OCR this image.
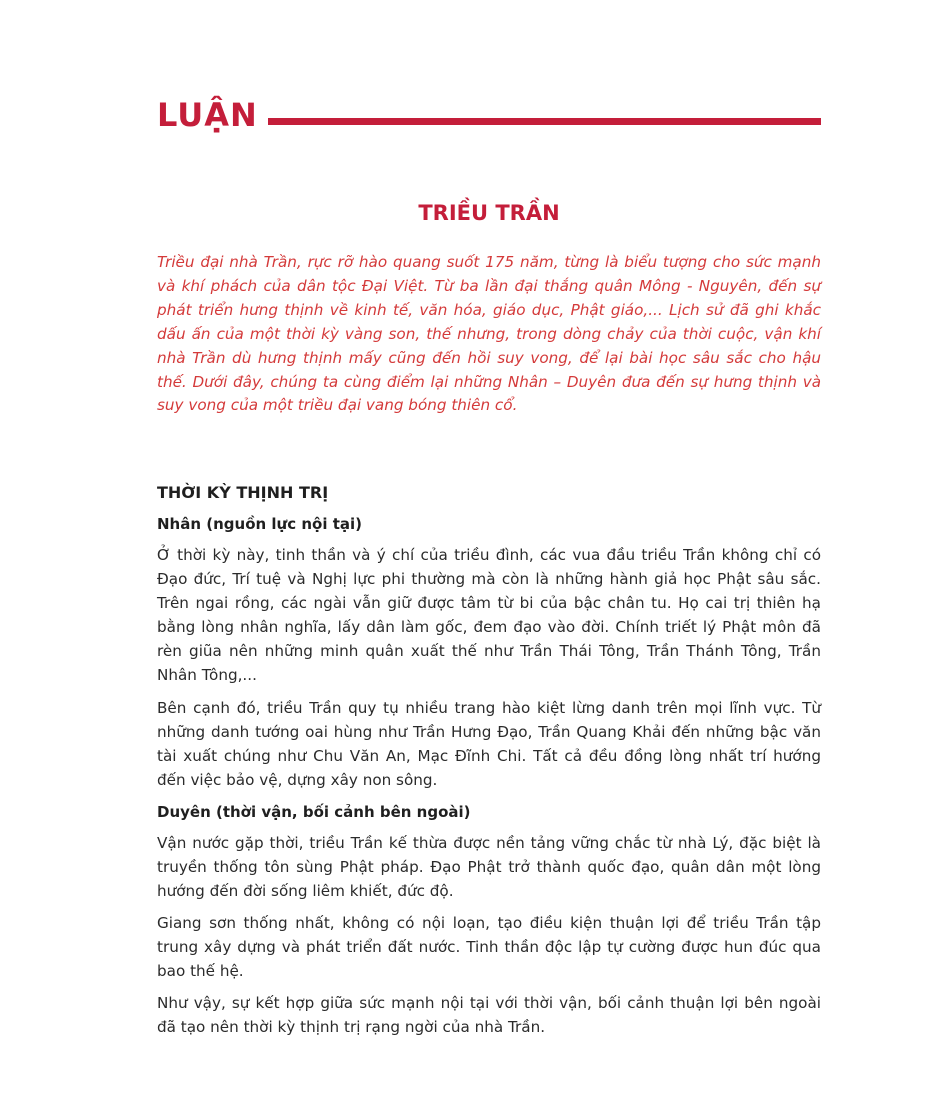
LUẬN
TRIỀU TRẦN

Triều đại nhà Trần, rực rỡ hào quang suốt 175 năm, từng là biểu tượng cho sức mạnh và khí phách của dân tộc Đại Việt. Từ ba lần đại thắng quân Mông - Nguyên, đến sự phát triển hưng thịnh về kinh tế, văn hóa, giáo dục, Phật giáo,... Lịch sử đã ghi khắc dấu ấn của một thời kỳ vàng son, thế nhưng, trong dòng chảy của thời cuộc, vận khí nhà Trần dù hưng thịnh mấy cũng đến hồi suy vong, để lại bài học sâu sắc cho hậu thế. Dưới đây, chúng ta cùng điểm lại những Nhân – Duyên đưa đến sự hưng thịnh và suy vong của một triều đại vang bóng thiên cổ.

THỜI KỲ THỊNH TRỊ
Nhân (nguồn lực nội tại)

Ở thời kỳ này, tinh thần và ý chí của triều đình, các vua đầu triều Trần không chỉ có Đạo đức, Trí tuệ và Nghị lực phi thường mà còn là những hành giả học Phật sâu sắc. Trên ngai rồng, các ngài vẫn giữ được tâm từ bi của bậc chân tu. Họ cai trị thiên hạ bằng lòng nhân nghĩa, lấy dân làm gốc, đem đạo vào đời. Chính triết lý Phật môn đã rèn giũa nên những minh quân xuất thế như Trần Thái Tông, Trần Thánh Tông, Trần Nhân Tông,...

Bên cạnh đó, triều Trần quy tụ nhiều trang hào kiệt lừng danh trên mọi lĩnh vực. Từ những danh tướng oai hùng như Trần Hưng Đạo, Trần Quang Khải đến những bậc văn tài xuất chúng như Chu Văn An, Mạc Đĩnh Chi. Tất cả đều đồng lòng nhất trí hướng đến việc bảo vệ, dựng xây non sông.

Duyên (thời vận, bối cảnh bên ngoài)

Vận nước gặp thời, triều Trần kế thừa được nền tảng vững chắc từ nhà Lý, đặc biệt là truyền thống tôn sùng Phật pháp. Đạo Phật trở thành quốc đạo, quân dân một lòng hướng đến đời sống liêm khiết, đức độ.

Giang sơn thống nhất, không có nội loạn, tạo điều kiện thuận lợi để triều Trần tập trung xây dựng và phát triển đất nước. Tinh thần độc lập tự cường được hun đúc qua bao thế hệ.

Như vậy, sự kết hợp giữa sức mạnh nội tại với thời vận, bối cảnh thuận lợi bên ngoài đã tạo nên thời kỳ thịnh trị rạng ngời của nhà Trần.
